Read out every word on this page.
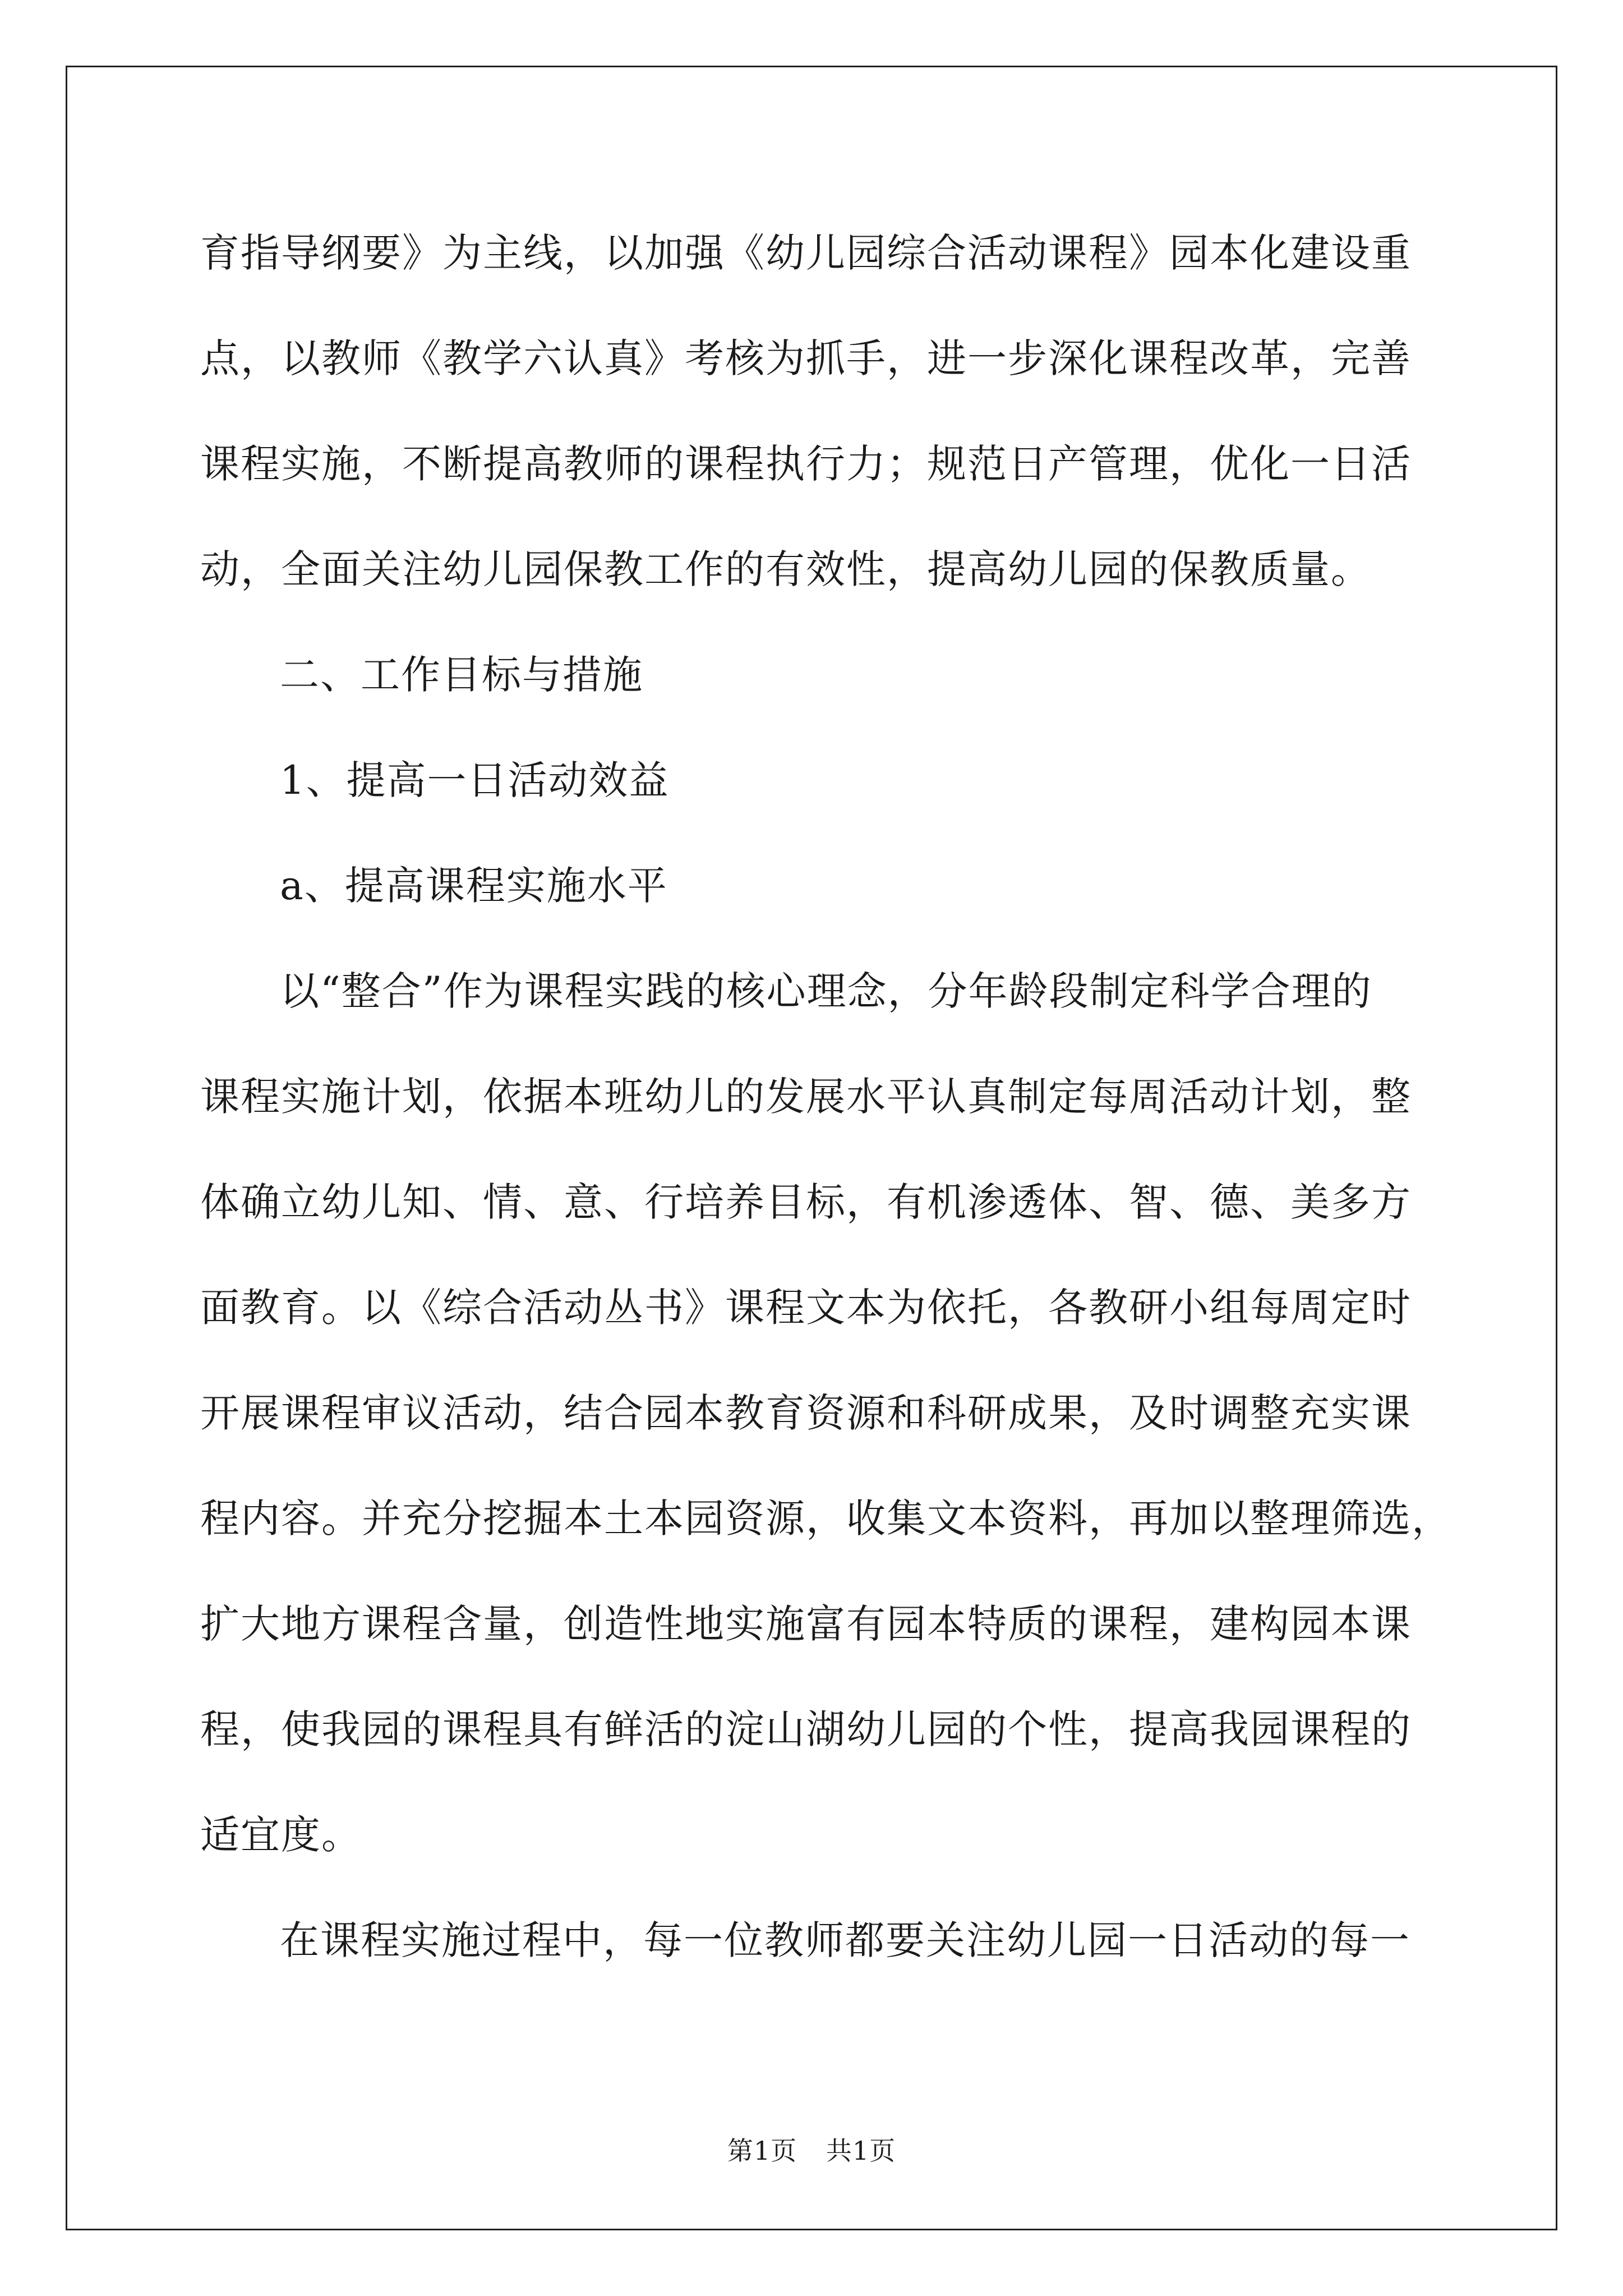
育指导纲要》为主线，以加强《幼儿园综合活动课程》园本化建设重
点，以教师《教学六认真》考核为抓手，进一步深化课程改革，完善
课程实施，不断提高教师的课程执行力；规范日产管理，优化一日活
动，全面关注幼儿园保教工作的有效性，提高幼儿园的保教质量。
二、工作目标与措施
1、提高一日活动效益
a、提高课程实施水平
以“整合”作为课程实践的核心理念，分年龄段制定科学合理的
课程实施计划，依据本班幼儿的发展水平认真制定每周活动计划，整
体确立幼儿知、情、意、行培养目标，有机渗透体、智、德、美多方
面教育。以《综合活动丛书》课程文本为依托，各教研小组每周定时
开展课程审议活动，结合园本教育资源和科研成果，及时调整充实课
程内容。并充分挖掘本土本园资源，收集文本资料，再加以整理筛选，
扩大地方课程含量，创造性地实施富有园本特质的课程，建构园本课
程，使我园的课程具有鲜活的淀山湖幼儿园的个性，提高我园课程的
适宜度。
在课程实施过程中，每一位教师都要关注幼儿园一日活动的每一
第1页 共1页
